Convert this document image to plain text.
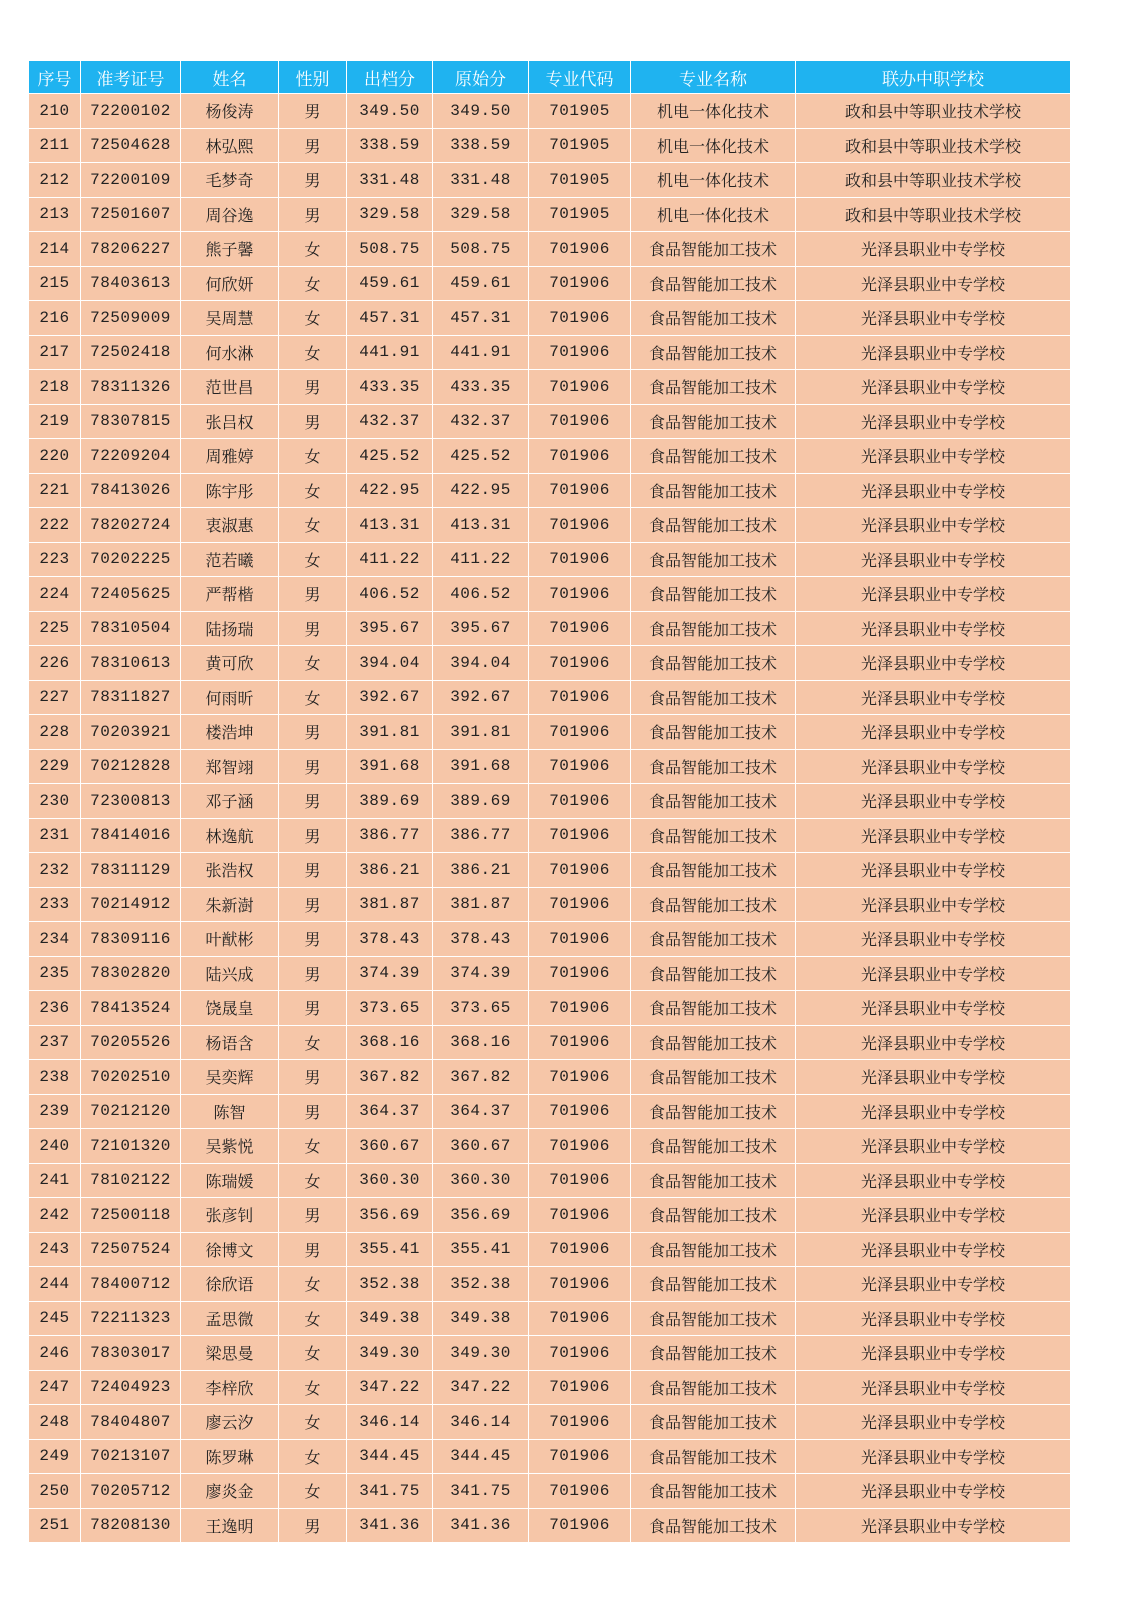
序号	准考证号	姓名	性别	出档分	原始分	专业代码	专业名称	联办中职学校
210	72200102	杨俊涛	男	349.50	349.50	701905	机电一体化技术	政和县中等职业技术学校
211	72504628	林弘熙	男	338.59	338.59	701905	机电一体化技术	政和县中等职业技术学校
212	72200109	毛梦奇	男	331.48	331.48	701905	机电一体化技术	政和县中等职业技术学校
213	72501607	周谷逸	男	329.58	329.58	701905	机电一体化技术	政和县中等职业技术学校
214	78206227	熊子馨	女	508.75	508.75	701906	食品智能加工技术	光泽县职业中专学校
215	78403613	何欣妍	女	459.61	459.61	701906	食品智能加工技术	光泽县职业中专学校
216	72509009	吴周慧	女	457.31	457.31	701906	食品智能加工技术	光泽县职业中专学校
217	72502418	何水淋	女	441.91	441.91	701906	食品智能加工技术	光泽县职业中专学校
218	78311326	范世昌	男	433.35	433.35	701906	食品智能加工技术	光泽县职业中专学校
219	78307815	张吕权	男	432.37	432.37	701906	食品智能加工技术	光泽县职业中专学校
220	72209204	周雅婷	女	425.52	425.52	701906	食品智能加工技术	光泽县职业中专学校
221	78413026	陈宇彤	女	422.95	422.95	701906	食品智能加工技术	光泽县职业中专学校
222	78202724	衷淑惠	女	413.31	413.31	701906	食品智能加工技术	光泽县职业中专学校
223	70202225	范若曦	女	411.22	411.22	701906	食品智能加工技术	光泽县职业中专学校
224	72405625	严帮楷	男	406.52	406.52	701906	食品智能加工技术	光泽县职业中专学校
225	78310504	陆扬瑞	男	395.67	395.67	701906	食品智能加工技术	光泽县职业中专学校
226	78310613	黄可欣	女	394.04	394.04	701906	食品智能加工技术	光泽县职业中专学校
227	78311827	何雨昕	女	392.67	392.67	701906	食品智能加工技术	光泽县职业中专学校
228	70203921	楼浩坤	男	391.81	391.81	701906	食品智能加工技术	光泽县职业中专学校
229	70212828	郑智翊	男	391.68	391.68	701906	食品智能加工技术	光泽县职业中专学校
230	72300813	邓子涵	男	389.69	389.69	701906	食品智能加工技术	光泽县职业中专学校
231	78414016	林逸航	男	386.77	386.77	701906	食品智能加工技术	光泽县职业中专学校
232	78311129	张浩权	男	386.21	386.21	701906	食品智能加工技术	光泽县职业中专学校
233	70214912	朱新澍	男	381.87	381.87	701906	食品智能加工技术	光泽县职业中专学校
234	78309116	叶猷彬	男	378.43	378.43	701906	食品智能加工技术	光泽县职业中专学校
235	78302820	陆兴成	男	374.39	374.39	701906	食品智能加工技术	光泽县职业中专学校
236	78413524	饶晟皇	男	373.65	373.65	701906	食品智能加工技术	光泽县职业中专学校
237	70205526	杨语含	女	368.16	368.16	701906	食品智能加工技术	光泽县职业中专学校
238	70202510	吴奕辉	男	367.82	367.82	701906	食品智能加工技术	光泽县职业中专学校
239	70212120	陈智	男	364.37	364.37	701906	食品智能加工技术	光泽县职业中专学校
240	72101320	吴紫悦	女	360.67	360.67	701906	食品智能加工技术	光泽县职业中专学校
241	78102122	陈瑞媛	女	360.30	360.30	701906	食品智能加工技术	光泽县职业中专学校
242	72500118	张彦钊	男	356.69	356.69	701906	食品智能加工技术	光泽县职业中专学校
243	72507524	徐博文	男	355.41	355.41	701906	食品智能加工技术	光泽县职业中专学校
244	78400712	徐欣语	女	352.38	352.38	701906	食品智能加工技术	光泽县职业中专学校
245	72211323	孟思微	女	349.38	349.38	701906	食品智能加工技术	光泽县职业中专学校
246	78303017	梁思曼	女	349.30	349.30	701906	食品智能加工技术	光泽县职业中专学校
247	72404923	李梓欣	女	347.22	347.22	701906	食品智能加工技术	光泽县职业中专学校
248	78404807	廖云汐	女	346.14	346.14	701906	食品智能加工技术	光泽县职业中专学校
249	70213107	陈罗琳	女	344.45	344.45	701906	食品智能加工技术	光泽县职业中专学校
250	70205712	廖炎金	女	341.75	341.75	701906	食品智能加工技术	光泽县职业中专学校
251	78208130	王逸明	男	341.36	341.36	701906	食品智能加工技术	光泽县职业中专学校
